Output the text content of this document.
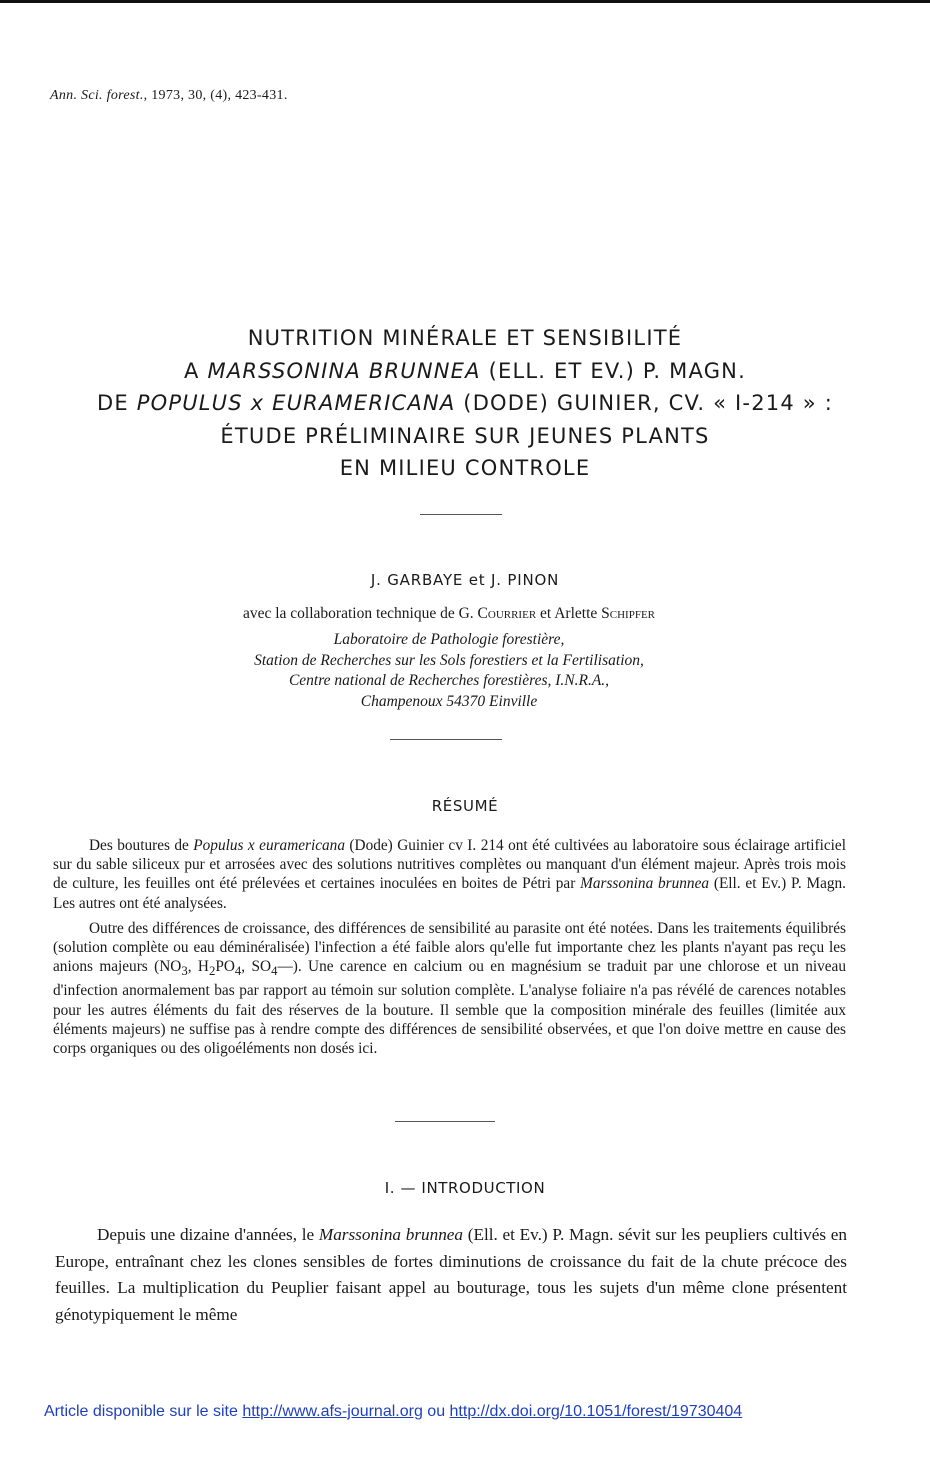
Ann. Sci. forest., 1973, 30, (4), 423-431.
NUTRITION MINÉRALE ET SENSIBILITÉ
A MARSSONINA BRUNNEA (ELL. ET EV.) P. MAGN.
DE POPULUS x EURAMERICANA (DODE) GUINIER, CV. « I-214 » :
ÉTUDE PRÉLIMINAIRE SUR JEUNES PLANTS
EN MILIEU CONTROLE
J. GARBAYE et J. PINON
avec la collaboration technique de G. Courrier et Arlette Schipfer
Laboratoire de Pathologie forestière,
Station de Recherches sur les Sols forestiers et la Fertilisation,
Centre national de Recherches forestières, I.N.R.A.,
Champenoux 54370 Einville
RÉSUMÉ

Des boutures de Populus x euramericana (Dode) Guinier cv I. 214 ont été cultivées au laboratoire sous éclairage artificiel sur du sable siliceux pur et arrosées avec des solutions nutritives complètes ou manquant d'un élément majeur. Après trois mois de culture, les feuilles ont été prélevées et certaines inoculées en boites de Pétri par Marssonina brunnea (Ell. et Ev.) P. Magn. Les autres ont été analysées.

Outre des différences de croissance, des différences de sensibilité au parasite ont été notées. Dans les traitements équilibrés (solution complète ou eau déminéralisée) l'infection a été faible alors qu'elle fut importante chez les plants n'ayant pas reçu les anions majeurs ($NO_3$, $H_2PO_4$, $SO_4—$). Une carence en calcium ou en magnésium se traduit par une chlorose et un niveau d'infection anormalement bas par rapport au témoin sur solution complète. L'analyse foliaire n'a pas révélé de carences notables pour les autres éléments du fait des réserves de la bouture. Il semble que la composition minérale des feuilles (limitée aux éléments majeurs) ne suffise pas à rendre compte des différences de sensibilité observées, et que l'on doive mettre en cause des corps organiques ou des oligoéléments non dosés ici.

I. — INTRODUCTION

Depuis une dizaine d'années, le Marssonina brunnea (Ell. et Ev.) P. Magn. sévit sur les peupliers cultivés en Europe, entraînant chez les clones sensibles de fortes diminutions de croissance du fait de la chute précoce des feuilles. La multiplication du Peuplier faisant appel au bouturage, tous les sujets d'un même clone présentent génotypiquement le même

Article disponible sur le site http://www.afs-journal.org ou http://dx.doi.org/10.1051/forest/19730404
